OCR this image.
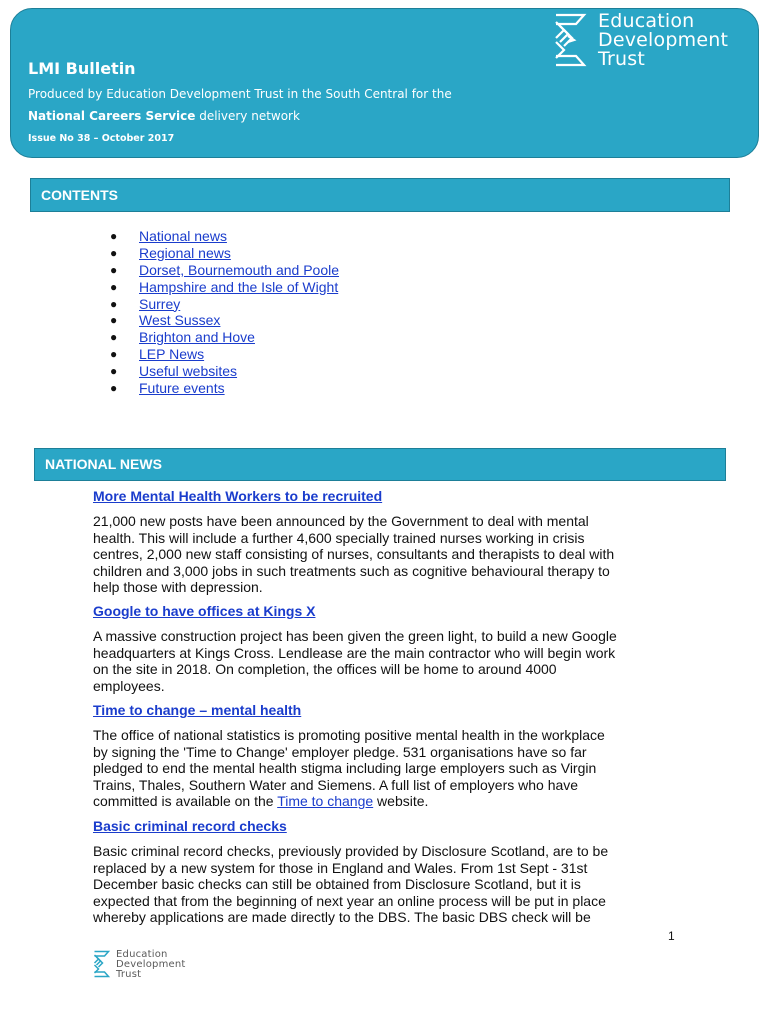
LMI Bulletin
Produced by Education Development Trust in the South Central for the
National Careers Service delivery network
Issue No 38 – October 2017
Education
Development
Trust
CONTENTS
●	National news
●	Regional news
●	Dorset, Bournemouth and Poole
●	Hampshire and the Isle of Wight
●	Surrey
●	West Sussex
●	Brighton and Hove
●	LEP News
●	Useful websites
●	Future events
NATIONAL NEWS
More Mental Health Workers to be recruited
21,000 new posts have been announced by the Government to deal with mental
health. This will include a further 4,600 specially trained nurses working in crisis
centres, 2,000 new staff consisting of nurses, consultants and therapists to deal with
children and 3,000 jobs in such treatments such as cognitive behavioural therapy to
help those with depression.
Google to have offices at Kings X
A massive construction project has been given the green light, to build a new Google
headquarters at Kings Cross. Lendlease are the main contractor who will begin work
on the site in 2018. On completion, the offices will be home to around 4000
employees.
Time to change – mental health
The office of national statistics is promoting positive mental health in the workplace
by signing the 'Time to Change' employer pledge. 531 organisations have so far
pledged to end the mental health stigma including large employers such as Virgin
Trains, Thales, Southern Water and Siemens. A full list of employers who have
committed is available on the Time to change website.
Basic criminal record checks
Basic criminal record checks, previously provided by Disclosure Scotland, are to be
replaced by a new system for those in England and Wales. From 1st Sept - 31st
December basic checks can still be obtained from Disclosure Scotland, but it is
expected that from the beginning of next year an online process will be put in place
whereby applications are made directly to the DBS. The basic DBS check will be
1
Education
Development
Trust
